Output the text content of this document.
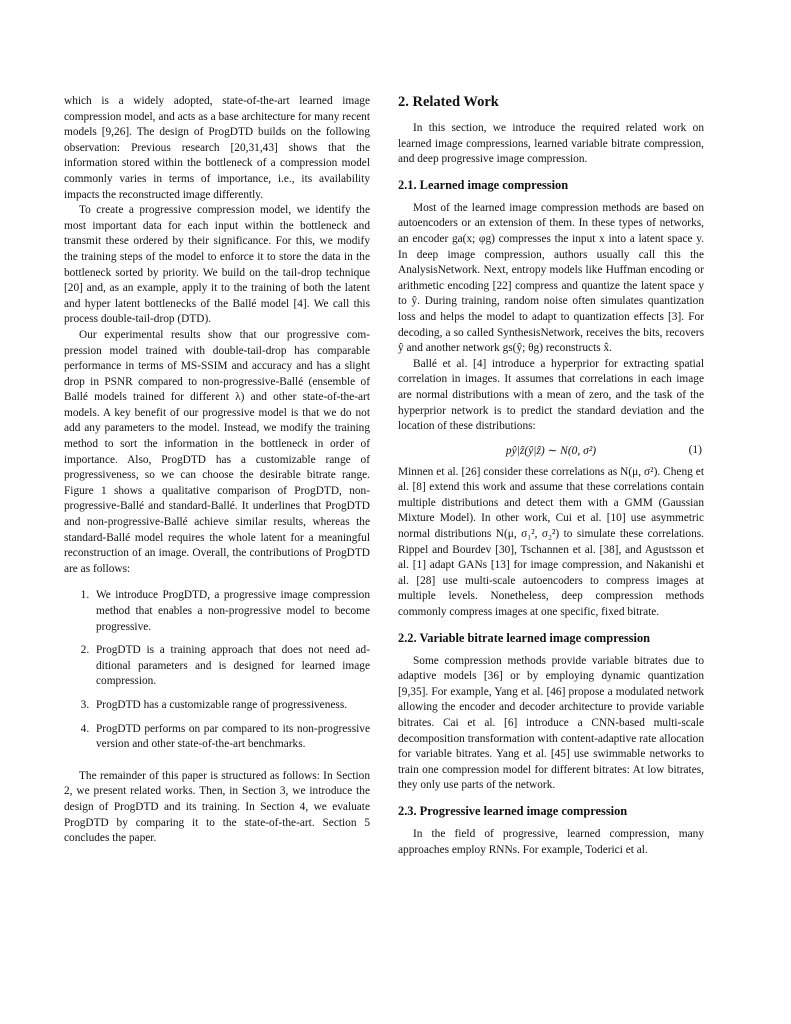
which is a widely adopted, state-of-the-art learned image compression model, and acts as a base architecture for many recent models [9,26]. The design of ProgDTD builds on the following observation: Previous research [20,31,43] shows that the information stored within the bottleneck of a compression model commonly varies in terms of importance, i.e., its availability impacts the reconstructed image differently.

To create a progressive compression model, we identify the most important data for each input within the bottleneck and transmit these ordered by their significance. For this, we modify the training steps of the model to enforce it to store the data in the bottleneck sorted by priority. We build on the tail-drop technique [20] and, as an example, apply it to the training of both the latent and hyper latent bottlenecks of the Ballé model [4]. We call this process double-tail-drop (DTD).

Our experimental results show that our progressive compression model trained with double-tail-drop has comparable performance in terms of MS-SSIM and accuracy and has a slight drop in PSNR compared to non-progressive-Ballé (ensemble of Ballé models trained for different λ) and other state-of-the-art models. A key benefit of our progressive model is that we do not add any parameters to the model. Instead, we modify the training method to sort the information in the bottleneck in order of importance. Also, ProgDTD has a customizable range of progressiveness, so we can choose the desirable bitrate range. Figure 1 shows a qualitative comparison of ProgDTD, non-progressive-Ballé and standard-Ballé. It underlines that ProgDTD and non-progressive-Ballé achieve similar results, whereas the standard-Ballé model requires the whole latent for a meaningful reconstruction of an image. Overall, the contributions of ProgDTD are as follows:

1. We introduce ProgDTD, a progressive image compression method that enables a non-progressive model to become progressive.
2. ProgDTD is a training approach that does not need additional parameters and is designed for learned image compression.
3. ProgDTD has a customizable range of progressiveness.
4. ProgDTD performs on par compared to its non-progressive version and other state-of-the-art benchmarks.

The remainder of this paper is structured as follows: In Section 2, we present related works. Then, in Section 3, we introduce the design of ProgDTD and its training. In Section 4, we evaluate ProgDTD by comparing it to the state-of-the-art. Section 5 concludes the paper.

2. Related Work

In this section, we introduce the required related work on learned image compressions, learned variable bitrate compression, and deep progressive image compression.

2.1. Learned image compression

Most of the learned image compression methods are based on autoencoders or an extension of them. In these types of networks, an encoder ga(x; φg) compresses the input x into a latent space y. In deep image compression, authors usually call this the AnalysisNetwork. Next, entropy models like Huffman encoding or arithmetic encoding [22] compress and quantize the latent space y to ŷ. During training, random noise often simulates quantization loss and helps the model to adapt to quantization effects [3]. For decoding, a so called SynthesisNetwork, receives the bits, recovers ŷ and another network gs(ŷ; θg) reconstructs x̂.

Ballé et al. [4] introduce a hyperprior for extracting spatial correlation in images. It assumes that correlations in each image are normal distributions with a mean of zero, and the task of the hyperprior network is to predict the standard deviation and the location of these distributions:

pŷ|ẑ(ŷ|ẑ) ∼ N(0, σ²)	(1)

Minnen et al. [26] consider these correlations as N(μ, σ²). Cheng et al. [8] extend this work and assume that these correlations contain multiple distributions and detect them with a GMM (Gaussian Mixture Model). In other work, Cui et al. [10] use asymmetric normal distributions N(μ, σ₁², σ₂²) to simulate these correlations. Rippel and Bourdev [30], Tschannen et al. [38], and Agustsson et al. [1] adapt GANs [13] for image compression, and Nakanishi et al. [28] use multi-scale autoencoders to compress images at multiple levels. Nonetheless, deep compression methods commonly compress images at one specific, fixed bitrate.

2.2. Variable bitrate learned image compression

Some compression methods provide variable bitrates due to adaptive models [36] or by employing dynamic quantization [9,35]. For example, Yang et al. [46] propose a modulated network allowing the encoder and decoder architecture to provide variable bitrates. Cai et al. [6] introduce a CNN-based multi-scale decomposition transformation with content-adaptive rate allocation for variable bitrates. Yang et al. [45] use swimmable networks to train one compression model for different bitrates: At low bitrates, they only use parts of the network.

2.3. Progressive learned image compression

In the field of progressive, learned compression, many approaches employ RNNs. For example, Toderici et al.
